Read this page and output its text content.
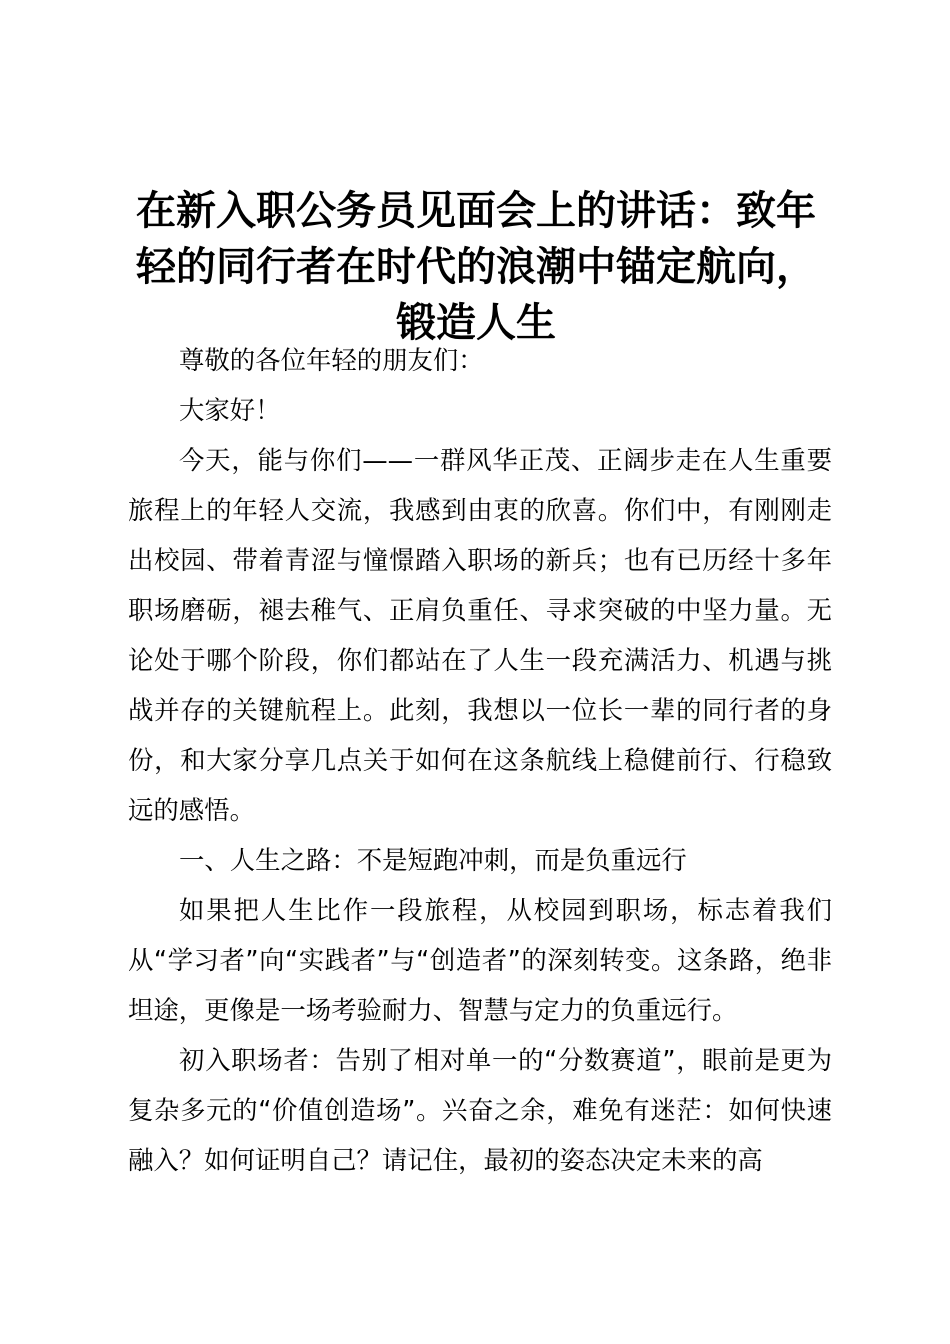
在新入职公务员见面会上的讲话：致年轻的同行者在时代的浪潮中锚定航向，锻造人生

尊敬的各位年轻的朋友们：

大家好！

今天，能与你们——一群风华正茂、正阔步走在人生重要旅程上的年轻人交流，我感到由衷的欣喜。你们中，有刚刚走出校园、带着青涩与憧憬踏入职场的新兵；也有已历经十多年职场磨砺，褪去稚气、正肩负重任、寻求突破的中坚力量。无论处于哪个阶段，你们都站在了人生一段充满活力、机遇与挑战并存的关键航程上。此刻，我想以一位长一辈的同行者的身份，和大家分享几点关于如何在这条航线上稳健前行、行稳致远的感悟。

一、人生之路：不是短跑冲刺，而是负重远行

如果把人生比作一段旅程，从校园到职场，标志着我们从“学习者”向“实践者”与“创造者”的深刻转变。这条路，绝非坦途，更像是一场考验耐力、智慧与定力的负重远行。

初入职场者：告别了相对单一的“分数赛道”，眼前是更为复杂多元的“价值创造场”。兴奋之余，难免有迷茫：如何快速融入？如何证明自己？请记住，最初的姿态决定未来的高
